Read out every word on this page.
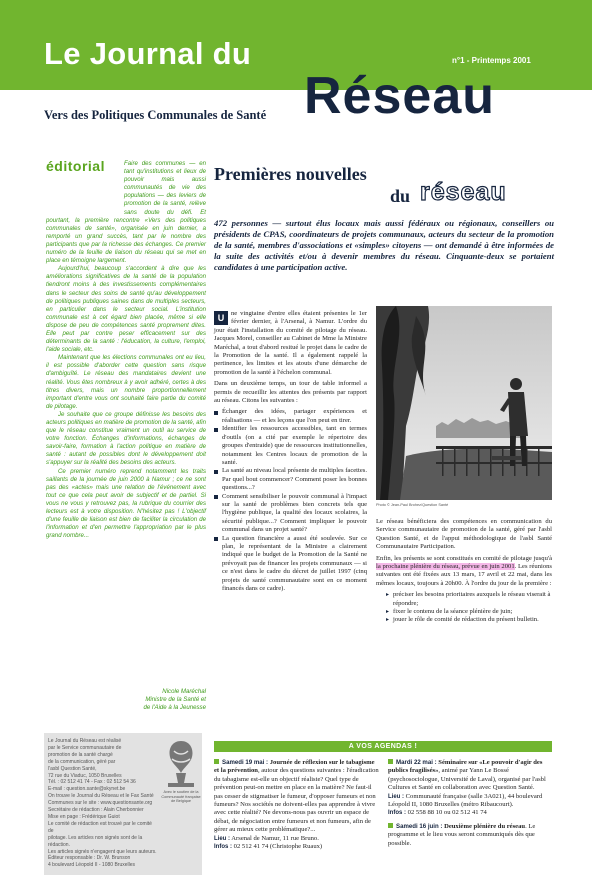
Le Journal du	n°1 - Printemps 2001
Réseau
Vers des Politiques Communales de Santé
éditorial	Faire des communes — en tant qu'institutions et lieux de pouvoir mais aussi communautés de vie des populations — des leviers de promotion de la santé, relève sans doute du défi. Et pourtant, la première rencontre «Vers des politiques communales de santé», organisée en juin dernier, a remporté un grand succès, tant par le nombre des participants que par la richesse des échanges. Ce premier numéro de la feuille de liaison du réseau qui se met en place en témoigne largement.

Aujourd'hui, beaucoup s'accordent à dire que les améliorations significatives de la santé de la population tiendront moins à des investissements complémentaires dans le secteur des soins de santé qu'au développement de politiques publiques saines dans de multiples secteurs, en particulier dans le secteur social. L'institution communale est à cet égard bien placée, même si elle dispose de peu de compétences santé proprement dites. Elle peut par contre peser efficacement sur des déterminants de la santé : l'éducation, la culture, l'emploi, l'aide sociale, etc.

Maintenant que les élections communales ont eu lieu, il est possible d'aborder cette question sans risque d'ambiguïté. Le réseau des mandataires devient une réalité. Vous êtes nombreux à y avoir adhéré, certes à des titres divers, mais un nombre proportionnellement important d'entre vous ont souhaité faire partie du comité de pilotage.

Je souhaite que ce groupe définisse les besoins des acteurs politiques en matière de promotion de la santé, afin que le réseau constitue vraiment un outil au service de votre fonction. Échanges d'informations, échanges de savoir-faire, formation à l'action politique en matière de santé : autant de possibles dont le développement doit s'appuyer sur la réalité des besoins des acteurs.

Ce premier numéro reprend notamment les traits saillants de la journée de juin 2000 à Namur ; ce ne sont pas des «actes» mais une relation de l'événement avec tout ce que cela peut avoir de subjectif et de partiel. Si vous ne vous y retrouvez pas, la rubrique du courrier des lecteurs est à votre disposition. N'hésitez pas ! L'objectif d'une feuille de liaison est bien de faciliter la circulation de l'information et d'en permettre l'appropriation par le plus grand nombre...

Nicole Maréchal
Ministre de la Santé et
de l'Aide à la Jeunesse
Le Journal du Réseau est réalisé
par le Service communautaire de
promotion de la santé chargé
de la communication, géré par
l'asbl Question Santé,
72 rue du Viaduc, 1050 Bruxelles
Tél. : 02 512 41 74 - Fax : 02 512 54 36
E-mail : question.sante@skynet.be
On trouve le Journal du Réseau et le Fax Santé
Communes sur le site : www.questionsante.org
Secrétaire de rédaction : Alain Cherbonnier
Mise en page : Frédérique Guiot
Le comité de rédaction est trouvé par le comité de
pilotage. Les articles non signés sont de la rédaction.
Les articles signés n'engagent que leurs auteurs.
Éditeur responsable : Dr. W. Brunson
4 boulevard Léopold II - 1080 Bruxelles
Avec le soutien de la Communauté française de Belgique
Premières nouvelles
du réseau
472 personnes — surtout élus locaux mais aussi fédéraux ou régionaux, conseillers ou présidents de CPAS, coordinateurs de projets communaux, acteurs du secteur de la promotion de la santé, membres d'associations et «simples» citoyens — ont demandé à être informées de la suite des activités et/ou à devenir membres du réseau. Cinquante-deux se portaient candidates à une participation active.

U	ne vingtaine d'entre elles étaient présentes le 1er février dernier, à l'Arsenal, à Namur. L'ordre du jour était l'installation du comité de pilotage du réseau. Jacques Morel, conseiller au Cabinet de Mme la Ministre Maréchal, a tout d'abord resitué le projet dans le cadre de la Promotion de la santé. Il a également rappelé la pertinence, les limites et les atouts d'une démarche de promotion de la santé à l'échelon communal.

Dans un deuxième temps, un tour de table informel a permis de recueillir les attentes des présents par rapport au réseau. Citons les suivantes :

Échanger des idées, partager expériences et réalisations — et les leçons que l'on peut en tirer.
Identifier les ressources accessibles, tant en termes d'outils (on a cité par exemple le répertoire des groupes d'entraide) que de ressources institutionnelles, notamment les Centres locaux de promotion de la santé.
La santé au niveau local présente de multiples facettes. Par quel bout commencer? Comment poser les bonnes questions...?
Comment sensibiliser le pouvoir communal à l'impact sur la santé de problèmes bien concrets tels que l'hygiène publique, la qualité des locaux scolaires, la sécurité publique...? Comment impliquer le pouvoir communal dans un projet santé?
La question financière a aussi été soulevée. Sur ce plan, le représentant de la Ministre a clairement indiqué que le budget de la Promotion de la Santé ne prévoyait pas de financer les projets communaux — si ce n'est dans le cadre du décret de juillet 1997 (cinq projets de santé communautaire sont en ce moment financés dans ce cadre).
Photo © Jean-Paul Brohez/Question Santé

Le réseau bénéficiera des compétences en communication du Service communautaire de promotion de la santé, géré par l'asbl Question Santé, et de l'appui méthodologique de l'asbl Santé Communautaire Participation.

Enfin, les présents se sont constitués en comité de pilotage jusqu'à la prochaine plénière du réseau, prévue en juin 2001. Les réunions suivantes ont été fixées aux 13 mars, 17 avril et 22 mai, dans les mêmes locaux, toujours à 20h00. À l'ordre du jour de la première :

▸ préciser les besoins prioritaires auxquels le réseau viserait à répondre;
▸ fixer le contenu de la séance plénière de juin;
▸ jouer le rôle de comité de rédaction du présent bulletin.
A VOS AGENDAS !

Samedi 19 mai : Journée de réflexion sur le tabagisme et la prévention, autour des questions suivantes : l'éradication du tabagisme est-elle un objectif réaliste? Quel type de prévention peut-on mettre en place en la matière? Ne faut-il pas cesser de stigmatiser le fumeur, d'opposer fumeurs et non fumeurs? Nos sociétés ne doivent-elles pas apprendre à vivre avec cette réalité? Ne devons-nous pas ouvrir un espace de débat, de négociation entre fumeurs et non fumeurs, afin de gérer au mieux cette problématique?...
Lieu : Arsenal de Namur, 11 rue Bruno.
Infos : 02 512 41 74 (Christophe Ruaux)

Mardi 22 mai : Séminaire sur «Le pouvoir d'agir des publics fragilisés», animé par Yann Le Bossé (psychosociologue, Université de Laval), organisé par l'asbl Cultures et Santé en collaboration avec Question Santé.
Lieu : Communauté française (salle 3A021), 44 boulevard Léopold II, 1080 Bruxelles (métro Ribaucourt).
Infos : 02 558 88 10 ou 02 512 41 74

Samedi 16 juin : Deuxième plénière du réseau. Le programme et le lieu vous seront communiqués dès que possible.
